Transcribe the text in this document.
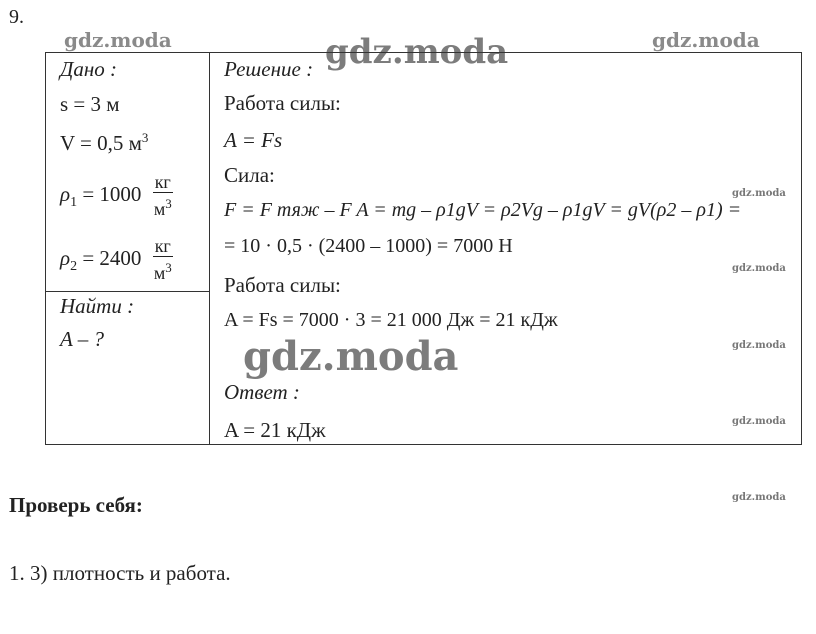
9.
gdz.moda	gdz.moda	gdz.moda
gdz.moda
gdz.moda
gdz.moda
gdz.moda
gdz.moda
gdz.moda
Дано :
s = 3 м
V = 0,5 $м^3$
$\rho_1 = 1000 \frac{кг}{м^3}$
$\rho_2 = 2400 \frac{кг}{м^3}$
Найти :
A – ?
Решение :
Работа силы:
A = Fs
Сила:
F = F тяж – F A = mg – ρ1gV = ρ2Vg – ρ1gV = gV(ρ2 – ρ1) =
= 10 · 0,5 · (2400 – 1000) = 7000 Н
Работа силы:
A = Fs = 7000 · 3 = 21 000 Дж = 21 кДж
Ответ :
A = 21 кДж
Проверь себя:
1. 3) плотность и работа.
